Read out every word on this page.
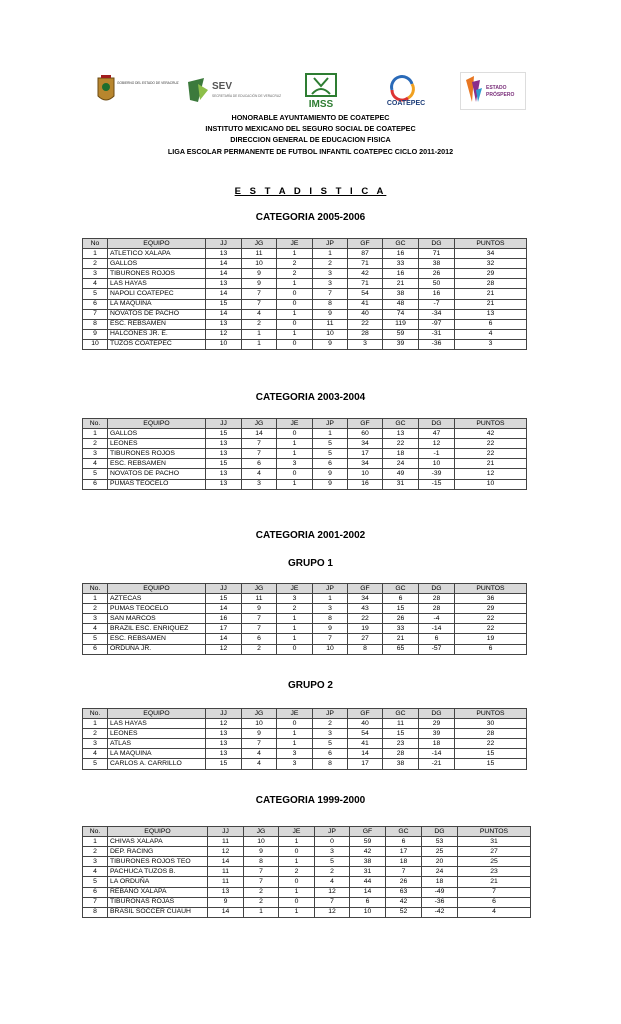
GOBIERNO DEL ESTADO DE VERACRUZ	SEV
SECRETARÍA DE EDUCACIÓN DE VERACRUZ
IMSS	COATEPEC
ESTADO
PRÓSPERO
HONORABLE AYUNTAMIENTO DE COATEPEC
INSTITUTO MEXICANO DEL SEGURO SOCIAL DE COATEPEC
DIRECCION GENERAL DE EDUCACION FISICA
LIGA ESCOLAR PERMANENTE DE FUTBOL INFANTIL COATEPEC CICLO 2011-2012
E S T A D I S T I C A
CATEGORIA 2005-2006
No	EQUIPO	JJ	JG	JE	JP	GF	GC	DG	PUNTOS
1	ATLETICO XALAPA	13	11	1	1	87	16	71	34
2	GALLOS	14	10	2	2	71	33	38	32
3	TIBURONES ROJOS	14	9	2	3	42	16	26	29
4	LAS HAYAS	13	9	1	3	71	21	50	28
5	NAPOLI COATEPEC	14	7	0	7	54	38	16	21
6	LA MAQUINA	15	7	0	8	41	48	-7	21
7	NOVATOS DE PACHO	14	4	1	9	40	74	-34	13
8	ESC. REBSAMEN	13	2	0	11	22	119	-97	6
9	HALCONES JR. E.	12	1	1	10	28	59	-31	4
10	TUZOS COATEPEC	10	1	0	9	3	39	-36	3
CATEGORIA 2003-2004
No.	EQUIPO	JJ	JG	JE	JP	GF	GC	DG	PUNTOS
1	GALLOS	15	14	0	1	60	13	47	42
2	LEONES	13	7	1	5	34	22	12	22
3	TIBURONES ROJOS	13	7	1	5	17	18	-1	22
4	ESC. REBSAMEN	15	6	3	6	34	24	10	21
5	NOVATOS DE PACHO	13	4	0	9	10	49	-39	12
6	PUMAS TEOCELO	13	3	1	9	16	31	-15	10
CATEGORIA 2001-2002
GRUPO 1
No.	EQUIPO	JJ	JG	JE	JP	GF	GC	DG	PUNTOS
1	AZTECAS	15	11	3	1	34	6	28	36
2	PUMAS TEOCELO	14	9	2	3	43	15	28	29
3	SAN MARCOS	16	7	1	8	22	26	-4	22
4	BRAZIL ESC. ENRIQUEZ	17	7	1	9	19	33	-14	22
5	ESC. REBSAMEN	14	6	1	7	27	21	6	19
6	ORDUÑA JR.	12	2	0	10	8	65	-57	6
GRUPO 2
No.	EQUIPO	JJ	JG	JE	JP	GF	GC	DG	PUNTOS
1	LAS HAYAS	12	10	0	2	40	11	29	30
2	LEONES	13	9	1	3	54	15	39	28
3	ATLAS	13	7	1	5	41	23	18	22
4	LA MAQUINA	13	4	3	6	14	28	-14	15
5	CARLOS A. CARRILLO	15	4	3	8	17	38	-21	15
CATEGORIA 1999-2000
No.	EQUIPO	JJ	JG	JE	JP	GF	GC	DG	PUNTOS
1	CHIVAS XALAPA	11	10	1	0	59	6	53	31
2	DEP. RACING	12	9	0	3	42	17	25	27
3	TIBURONES ROJOS TEO	14	8	1	5	38	18	20	25
4	PACHUCA TUZOS B.	11	7	2	2	31	7	24	23
5	LA ORDUÑA	11	7	0	4	44	26	18	21
6	REBAÑO XALAPA	13	2	1	12	14	63	-49	7
7	TIBURONAS ROJAS	9	2	0	7	6	42	-36	6
8	BRASIL SOCCER CUAUH	14	1	1	12	10	52	-42	4
